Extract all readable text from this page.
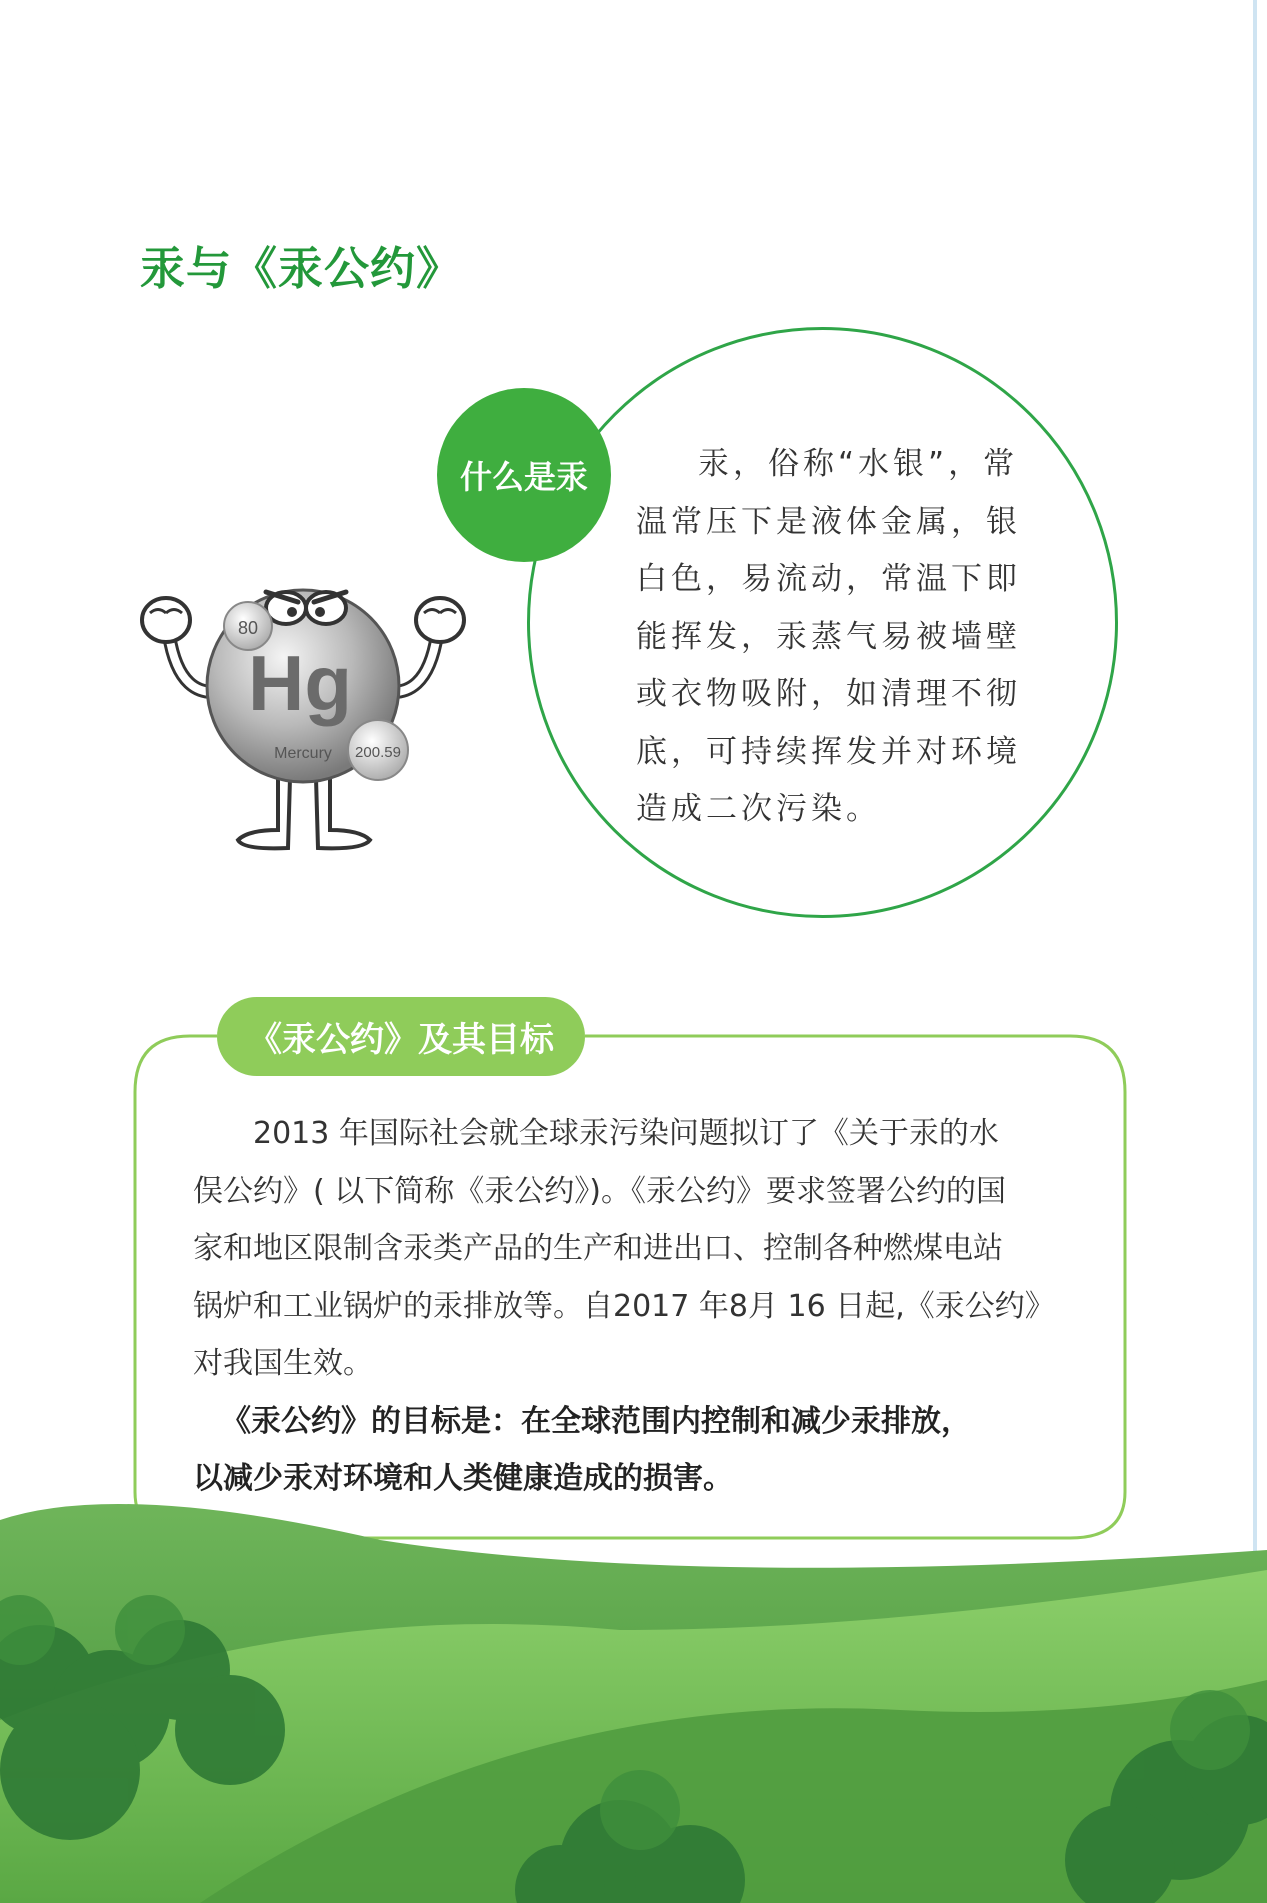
汞与《汞公约》
80
200.59
Hg
Mercury
什么是汞	汞，俗称“水银”，常
温常压下是液体金属，银
白色，易流动，常温下即
能挥发，汞蒸气易被墙壁
或衣物吸附，如清理不彻
底，可持续挥发并对环境
造成二次污染。
《汞公约》及其目标
2013 年国际社会就全球汞污染问题拟订了《关于汞的水
俣公约》( 以下简称《汞公约》)。《汞公约》要求签署公约的国
家和地区限制含汞类产品的生产和进出口、控制各种燃煤电站
锅炉和工业锅炉的汞排放等。自2017 年8月 16 日起,《汞公约》
对我国生效。
《汞公约》的目标是：在全球范围内控制和减少汞排放，
以减少汞对环境和人类健康造成的损害。
